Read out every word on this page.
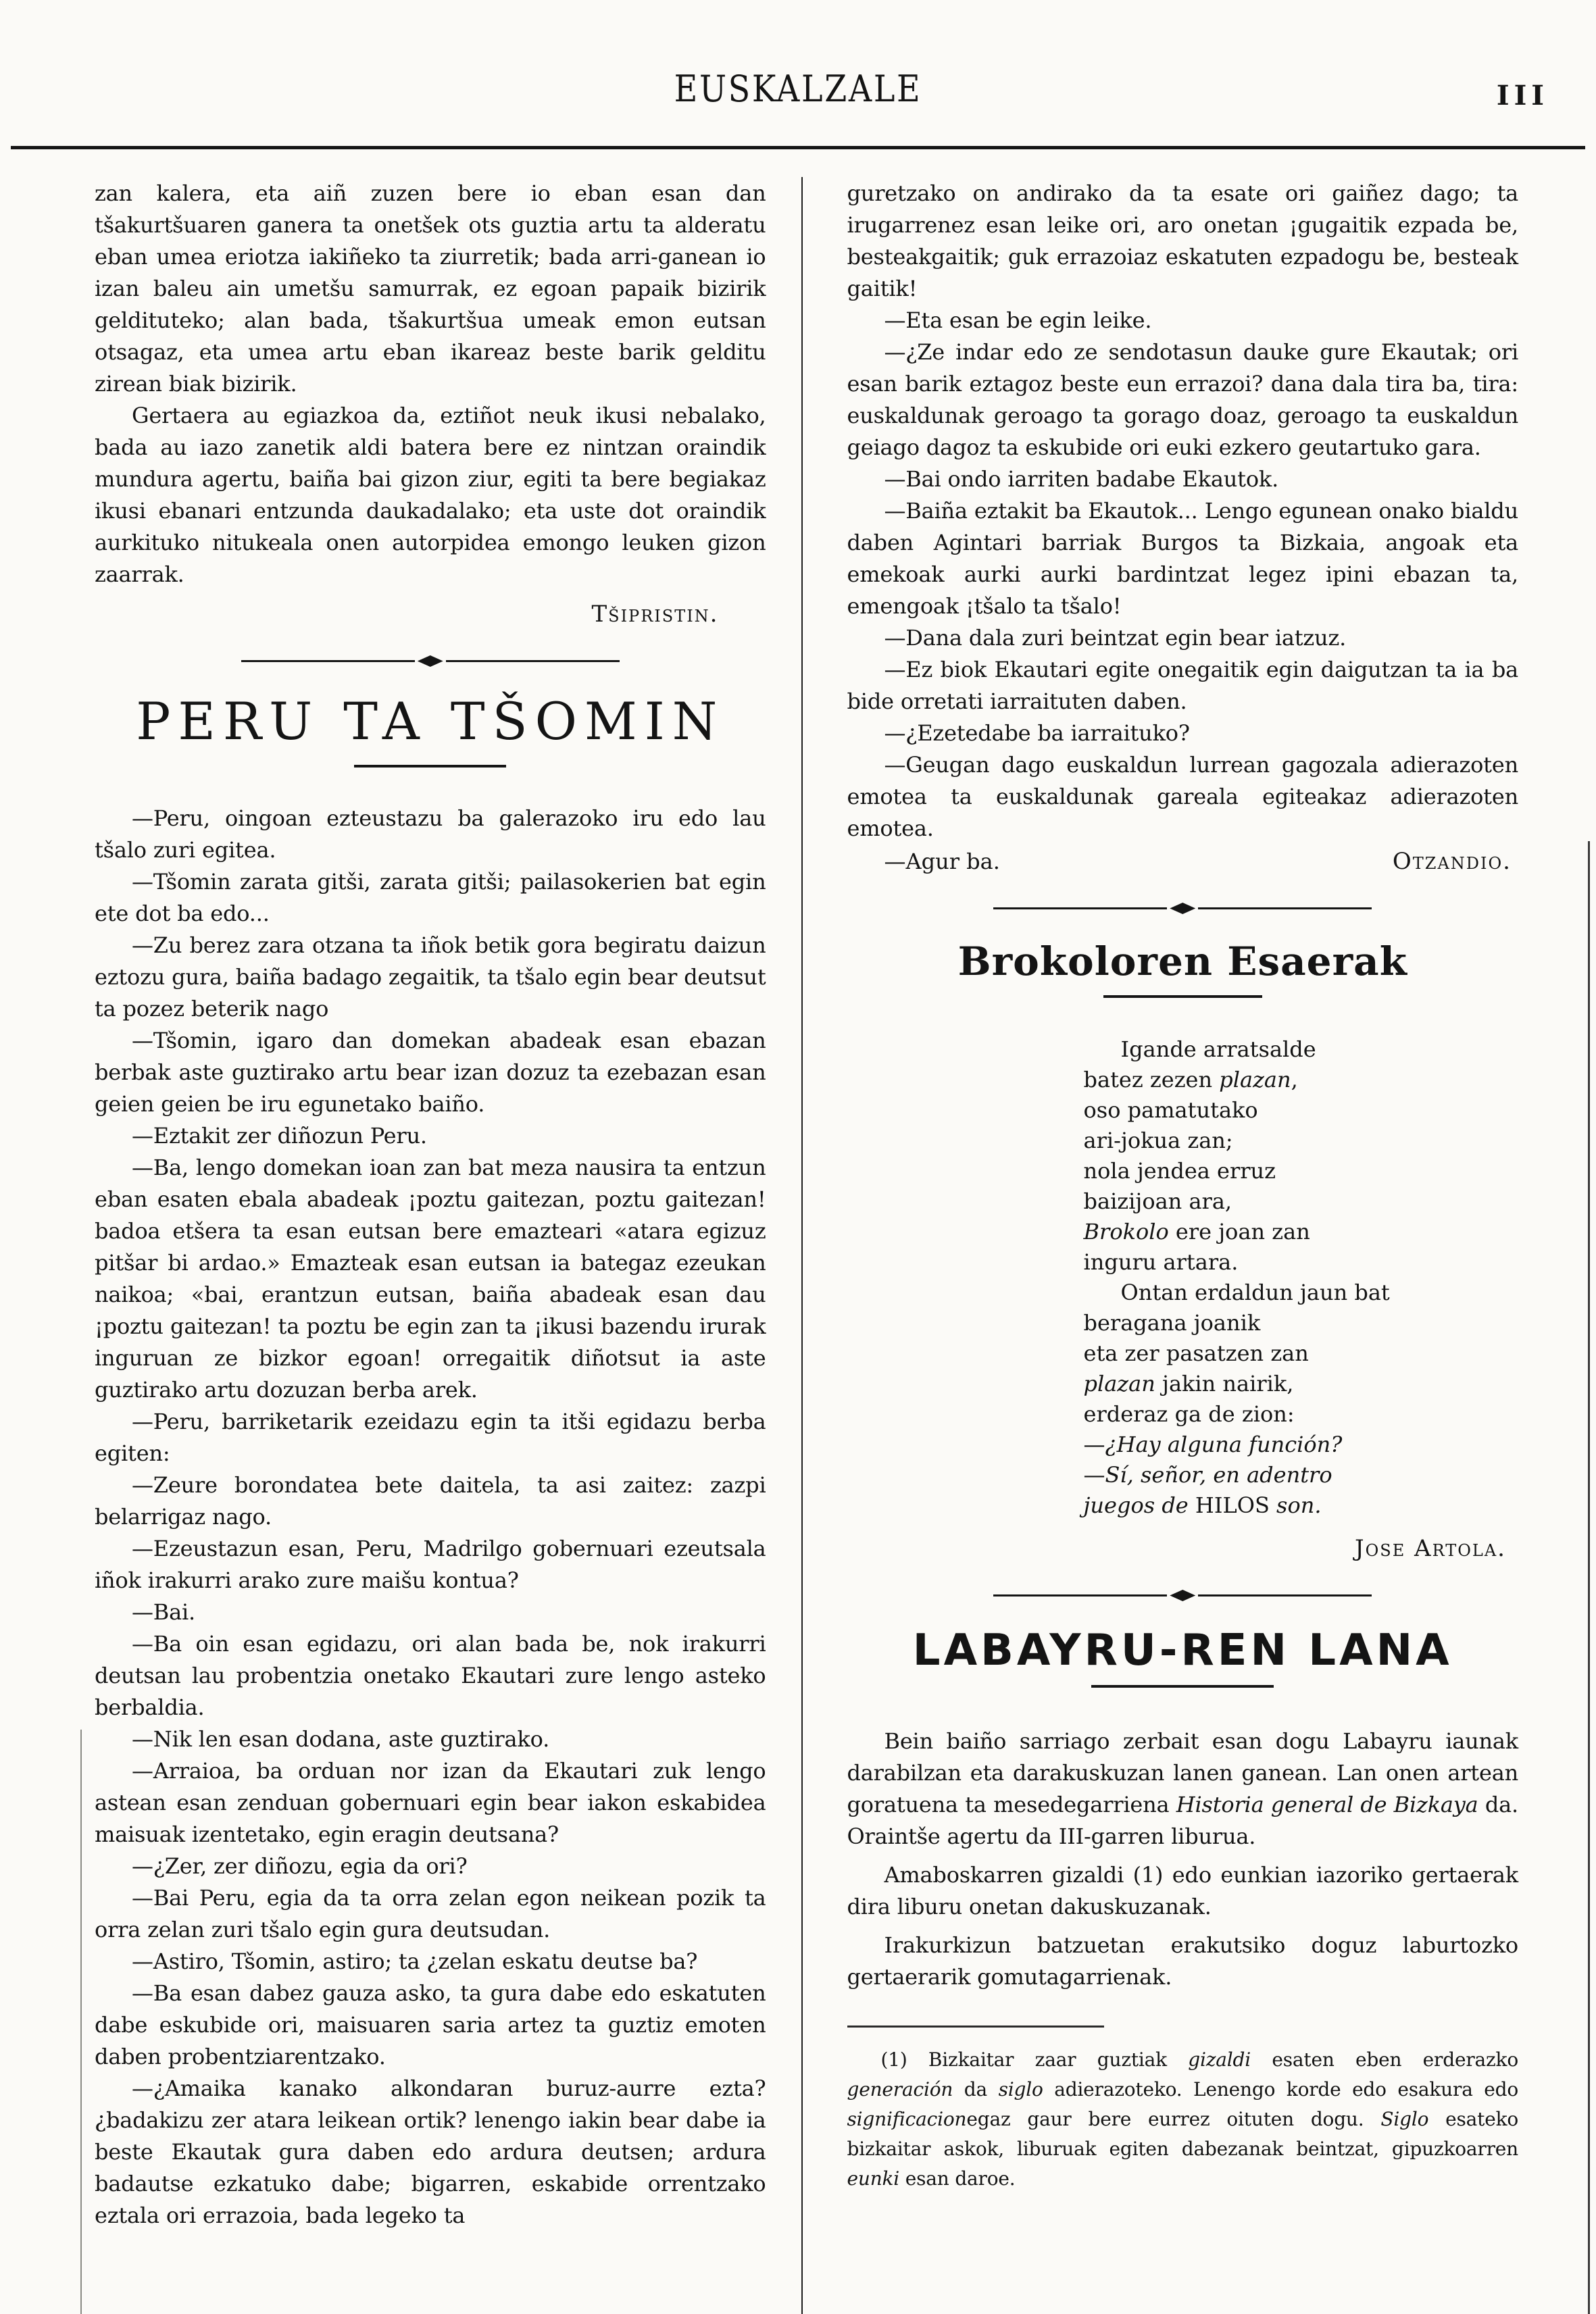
EUSKALZALE	III

zan kalera, eta aiñ zuzen bere io eban esan dan tšakurtšuaren ganera ta onetšek ots guztia artu ta alderatu eban umea eriotza iakiñeko ta ziurretik; bada arri-ganean io izan baleu ain umetšu samurrak, ez egoan papaik bizirik geldituteko; alan bada, tšakurtšua umeak emon eutsan otsagaz, eta umea artu eban ikareaz beste barik gelditu zirean biak bizirik.

Gertaera au egiazkoa da, eztiñot neuk ikusi nebalako, bada au iazo zanetik aldi batera bere ez nintzan oraindik mundura agertu, baiña bai gizon ziur, egiti ta bere begiakaz ikusi ebanari entzunda daukadalako; eta uste dot oraindik aurkituko nitukeala onen autorpidea emongo leuken gizon zaarrak.

Tšipristin.
PERU TA TŠOMIN

—Peru, oingoan ezteustazu ba galerazoko iru edo lau tšalo zuri egitea.

—Tšomin zarata gitši, zarata gitši; pailasokerien bat egin ete dot ba edo...

—Zu berez zara otzana ta iñok betik gora begiratu daizun eztozu gura, baiña badago zegaitik, ta tšalo egin bear deutsut ta pozez beterik nago

—Tšomin, igaro dan domekan abadeak esan ebazan berbak aste guztirako artu bear izan dozuz ta ezebazan esan geien geien be iru egunetako baiño.

—Eztakit zer diñozun Peru.

—Ba, lengo domekan ioan zan bat meza nausira ta entzun eban esaten ebala abadeak ¡poztu gaitezan, poztu gaitezan! badoa etšera ta esan eutsan bere emazteari «atara egizuz pitšar bi ardao.» Emazteak esan eutsan ia bategaz ezeukan naikoa; «bai, erantzun eutsan, baiña abadeak esan dau ¡poztu gaitezan! ta poztu be egin zan ta ¡ikusi bazendu irurak inguruan ze bizkor egoan! orregaitik diñotsut ia aste guztirako artu dozuzan berba arek.

—Peru, barriketarik ezeidazu egin ta itši egidazu berba egiten:

—Zeure borondatea bete daitela, ta asi zaitez: zazpi belarrigaz nago.

—Ezeustazun esan, Peru, Madrilgo gobernuari ezeutsala iñok irakurri arako zure maišu kontua?

—Bai.

—Ba oin esan egidazu, ori alan bada be, nok irakurri deutsan lau probentzia onetako Ekautari zure lengo asteko berbaldia.

—Nik len esan dodana, aste guztirako.

—Arraioa, ba orduan nor izan da Ekautari zuk lengo astean esan zenduan gobernuari egin bear iakon eskabidea maisuak izentetako, egin eragin deutsana?

—¿Zer, zer diñozu, egia da ori?

—Bai Peru, egia da ta orra zelan egon neikean pozik ta orra zelan zuri tšalo egin gura deutsudan.

—Astiro, Tšomin, astiro; ta ¿zelan eskatu deutse ba?

—Ba esan dabez gauza asko, ta gura dabe edo eskatuten dabe eskubide ori, maisuaren saria artez ta guztiz emoten daben probentziarentzako.

—¿Amaika kanako alkondaran buruz-aurre ezta? ¿badakizu zer atara leikean ortik? lenengo iakin bear dabe ia beste Ekautak gura daben edo ardura deutsen; ardura badautse ezkatuko dabe; bigarren, eskabide orrentzako eztala ori errazoia, bada legeko ta

guretzako on andirako da ta esate ori gaiñez dago; ta irugarrenez esan leike ori, aro onetan ¡gugaitik ezpada be, besteakgaitik; guk errazoiaz eskatuten ezpadogu be, besteak gaitik!

—Eta esan be egin leike.

—¿Ze indar edo ze sendotasun dauke gure Ekautak; ori esan barik eztagoz beste eun errazoi? dana dala tira ba, tira: euskaldunak geroago ta gorago doaz, geroago ta euskaldun geiago dagoz ta eskubide ori euki ezkero geutartuko gara.

—Bai ondo iarriten badabe Ekautok.

—Baiña eztakit ba Ekautok... Lengo egunean onako bialdu daben Agintari barriak Burgos ta Bizkaia, angoak eta emekoak aurki aurki bardintzat legez ipini ebazan ta, emengoak ¡tšalo ta tšalo!

—Dana dala zuri beintzat egin bear iatzuz.

—Ez biok Ekautari egite onegaitik egin daigutzan ta ia ba bide orretati iarraituten daben.

—¿Ezetedabe ba iarraituko?

—Geugan dago euskaldun lurrean gagozala adierazoten emotea ta euskaldunak gareala egiteakaz adierazoten emotea.

—Agur ba.	Otzandio.
Brokoloren Esaerak
Igande arratsalde
batez zezen plazan,
oso pamatutako
ari-jokua zan;
nola jendea erruz
baizijoan ara,
Brokolo ere joan zan
inguru artara.
Ontan erdaldun jaun bat
beragana joanik
eta zer pasatzen zan
plazan jakin nairik,
erderaz ga de zion:
—¿Hay alguna función?
—Sí, señor, en adentro
juegos de HILOS son.
Jose Artola.
LABAYRU-REN LANA

Bein baiño sarriago zerbait esan dogu Labayru iaunak darabilzan eta darakuskuzan lanen ganean. Lan onen artean goratuena ta mesedegarriena Historia general de Bizkaya da. Oraintše agertu da III-garren liburua.

Amaboskarren gizaldi (1) edo eunkian iazoriko gertaerak dira liburu onetan dakuskuzanak.

Irakurkizun batzuetan erakutsiko doguz laburtozko gertaerarik gomutagarrienak.

(1) Bizkaitar zaar guztiak gizaldi esaten eben erderazko generación da siglo adierazoteko. Lenengo korde edo esakura edo significacionegaz gaur bere eurrez oituten dogu. Siglo esateko bizkaitar askok, liburuak egiten dabezanak beintzat, gipuzkoarren eunki esan daroe.
